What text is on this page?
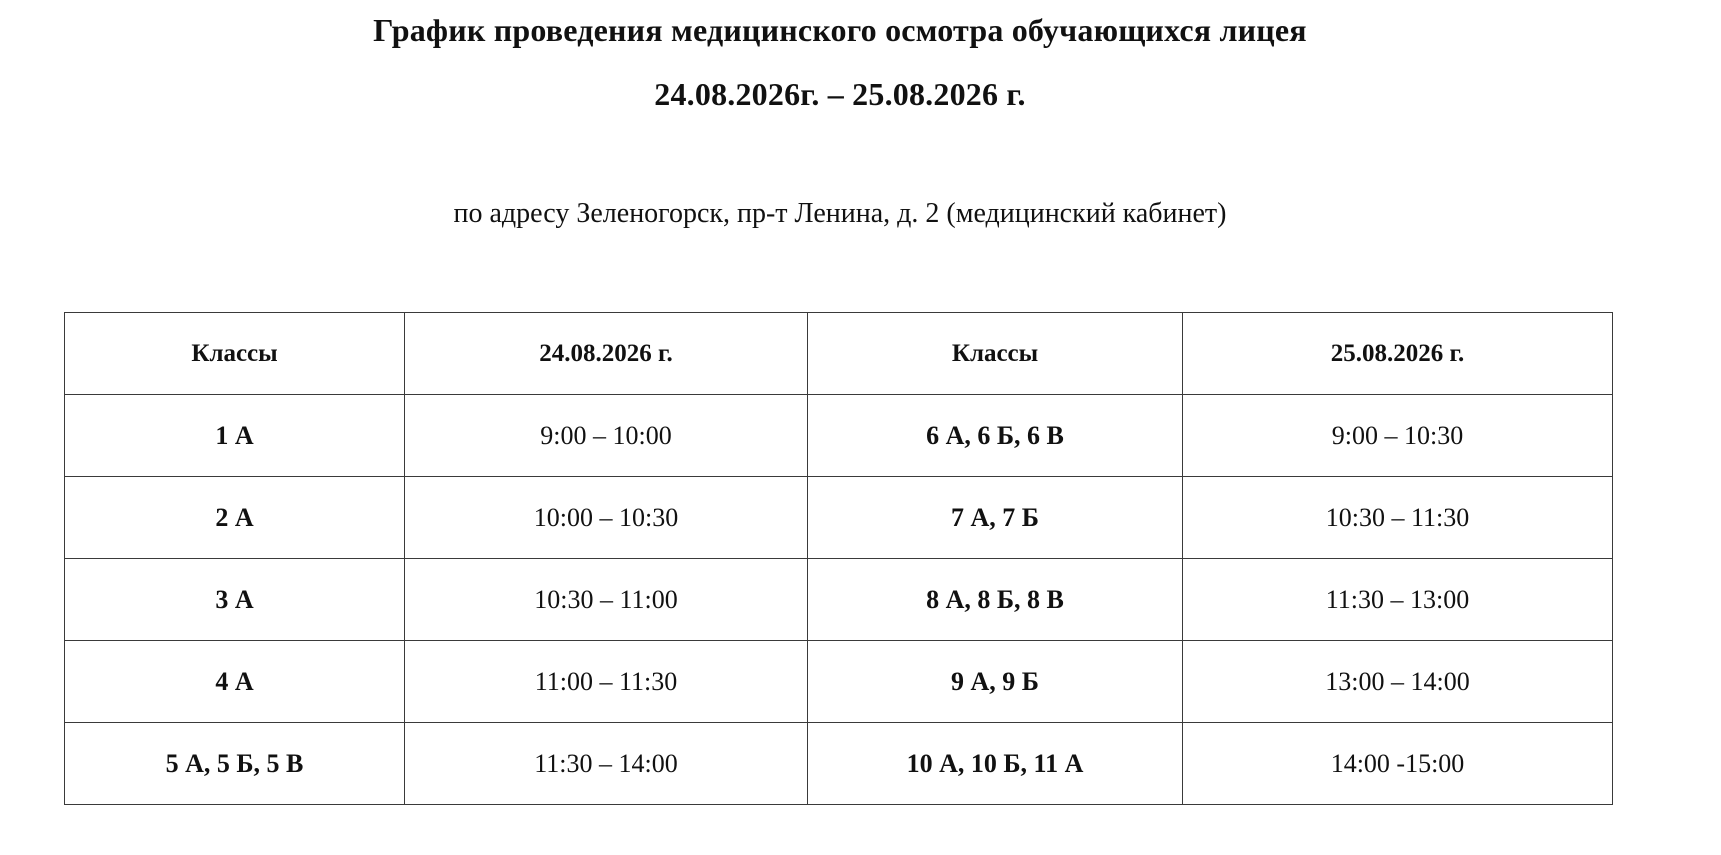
График проведения медицинского осмотра обучающихся лицея
24.08.2026г. – 25.08.2026 г.

по адресу Зеленогорск, пр-т Ленина, д. 2 (медицинский кабинет)

Классы	24.08.2026 г.	Классы	25.08.2026 г.
1 А	9:00 – 10:00	6 А, 6 Б, 6 В	9:00 – 10:30
2 А	10:00 – 10:30	7 А, 7 Б	10:30 – 11:30
3 А	10:30 – 11:00	8 А, 8 Б, 8 В	11:30 – 13:00
4 А	11:00 – 11:30	9 А, 9 Б	13:00 – 14:00
5 А, 5 Б, 5 В	11:30 – 14:00	10 А, 10 Б, 11 А	14:00 -15:00
